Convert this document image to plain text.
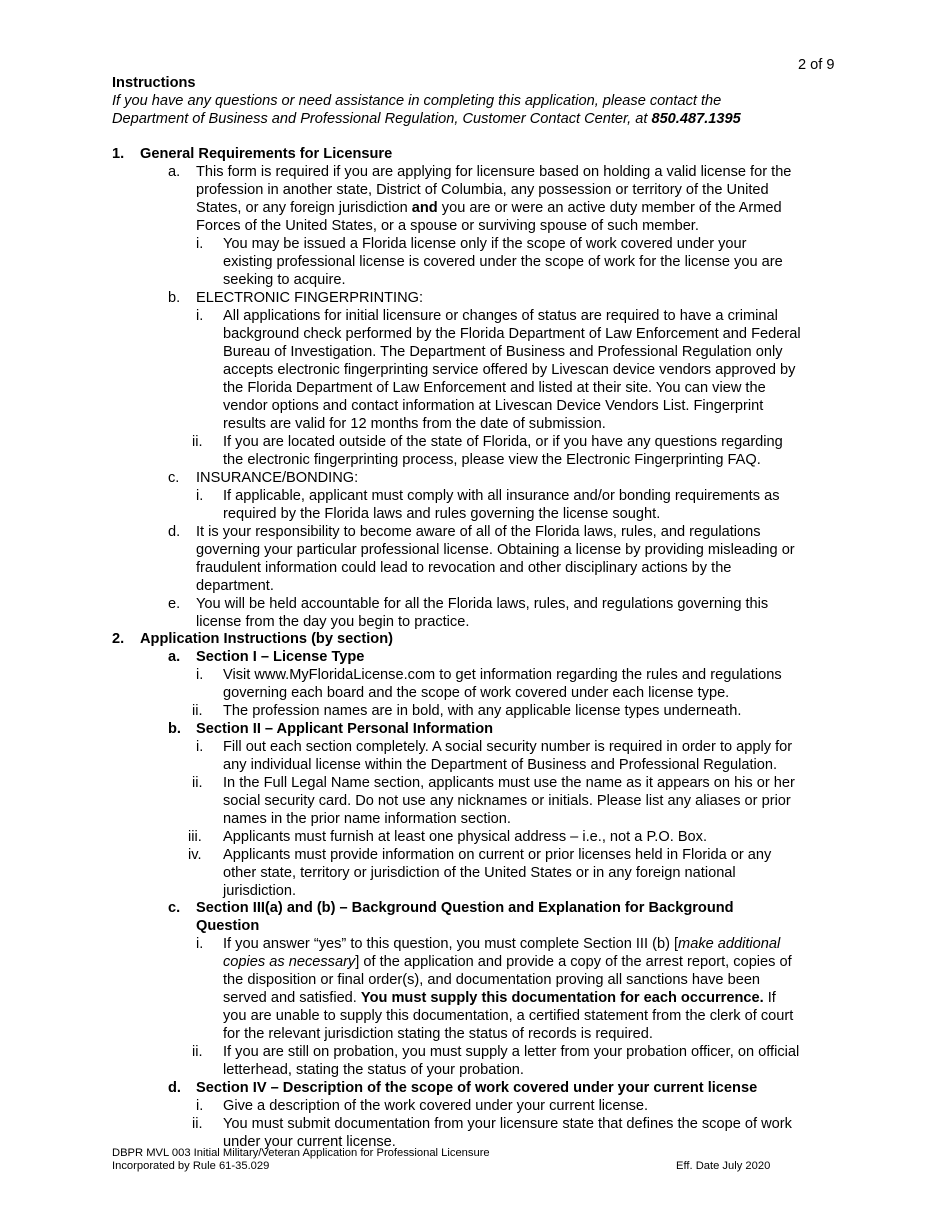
2 of 9
Instructions
If you have any questions or need assistance in completing this application, please contact the
Department of Business and Professional Regulation, Customer Contact Center, at 850.487.1395
1. General Requirements for Licensure
a. This form is required if you are applying for licensure based on holding a valid license for the
profession in another state, District of Columbia, any possession or territory of the United
States, or any foreign jurisdiction and you are or were an active duty member of the Armed
Forces of the United States, or a spouse or surviving spouse of such member.
i. You may be issued a Florida license only if the scope of work covered under your
existing professional license is covered under the scope of work for the license you are
seeking to acquire.
b. ELECTRONIC FINGERPRINTING:
i. All applications for initial licensure or changes of status are required to have a criminal
background check performed by the Florida Department of Law Enforcement and Federal
Bureau of Investigation. The Department of Business and Professional Regulation only
accepts electronic fingerprinting service offered by Livescan device vendors approved by
the Florida Department of Law Enforcement and listed at their site. You can view the
vendor options and contact information at Livescan Device Vendors List. Fingerprint
results are valid for 12 months from the date of submission.
ii. If you are located outside of the state of Florida, or if you have any questions regarding
the electronic fingerprinting process, please view the Electronic Fingerprinting FAQ.
c. INSURANCE/BONDING:
i. If applicable, applicant must comply with all insurance and/or bonding requirements as
required by the Florida laws and rules governing the license sought.
d. It is your responsibility to become aware of all of the Florida laws, rules, and regulations
governing your particular professional license. Obtaining a license by providing misleading or
fraudulent information could lead to revocation and other disciplinary actions by the
department.
e. You will be held accountable for all the Florida laws, rules, and regulations governing this
license from the day you begin to practice.
2. Application Instructions (by section)
a. Section I – License Type
i. Visit www.MyFloridaLicense.com to get information regarding the rules and regulations
governing each board and the scope of work covered under each license type.
ii. The profession names are in bold, with any applicable license types underneath.
b. Section II – Applicant Personal Information
i. Fill out each section completely. A social security number is required in order to apply for
any individual license within the Department of Business and Professional Regulation.
ii. In the Full Legal Name section, applicants must use the name as it appears on his or her
social security card. Do not use any nicknames or initials. Please list any aliases or prior
names in the prior name information section.
iii. Applicants must furnish at least one physical address – i.e., not a P.O. Box.
iv. Applicants must provide information on current or prior licenses held in Florida or any
other state, territory or jurisdiction of the United States or in any foreign national
jurisdiction.
c. Section III(a) and (b) – Background Question and Explanation for Background
Question
i. If you answer “yes” to this question, you must complete Section III (b) [make additional
copies as necessary] of the application and provide a copy of the arrest report, copies of
the disposition or final order(s), and documentation proving all sanctions have been
served and satisfied. You must supply this documentation for each occurrence. If
you are unable to supply this documentation, a certified statement from the clerk of court
for the relevant jurisdiction stating the status of records is required.
ii. If you are still on probation, you must supply a letter from your probation officer, on official
letterhead, stating the status of your probation.
d. Section IV – Description of the scope of work covered under your current license
i. Give a description of the work covered under your current license.
ii. You must submit documentation from your licensure state that defines the scope of work
under your current license.
DBPR MVL 003 Initial Military/Veteran Application for Professional Licensure
Incorporated by Rule 61-35.029	Eff. Date July 2020
